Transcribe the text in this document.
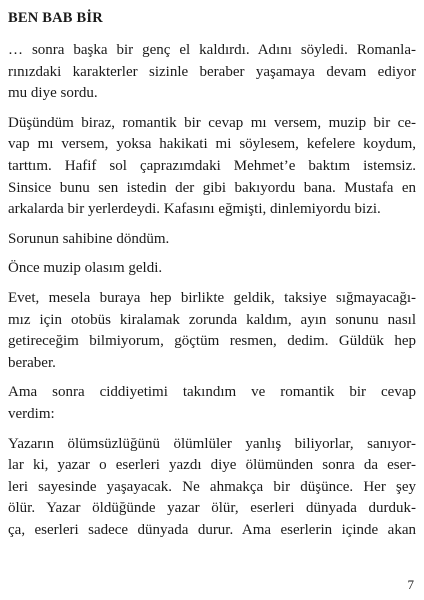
BEN BAB BİR
… sonra başka bir genç el kaldırdı. Adını söyledi. Romanla-
rınızdaki karakterler sizinle beraber yaşamaya devam ediyor
mu diye sordu.
Düşündüm biraz, romantik bir cevap mı versem, muzip bir ce-
vap mı versem, yoksa hakikati mi söylesem, kefelere koydum,
tarttım. Hafif sol çaprazımdaki Mehmet’e baktım istemsiz.
Sinsice bunu sen istedin der gibi bakıyordu bana. Mustafa en
arkalarda bir yerlerdeydi. Kafasını eğmişti, dinlemiyordu bizi.
Sorunun sahibine döndüm.
Önce muzip olasım geldi.
Evet, mesela buraya hep birlikte geldik, taksiye sığmayacağı-
mız için otobüs kiralamak zorunda kaldım, ayın sonunu nasıl
getireceğim bilmiyorum, göçtüm resmen, dedim. Güldük hep
beraber.
Ama sonra ciddiyetimi takındım ve romantik bir cevap
verdim:
Yazarın ölümsüzlüğünü ölümlüler yanlış biliyorlar, sanıyor-
lar ki, yazar o eserleri yazdı diye ölümünden sonra da eser-
leri sayesinde yaşayacak. Ne ahmakça bir düşünce. Her şey
ölür. Yazar öldüğünde yazar ölür, eserleri dünyada durduk-
ça, eserleri sadece dünyada durur. Ama eserlerin içinde akan
7
